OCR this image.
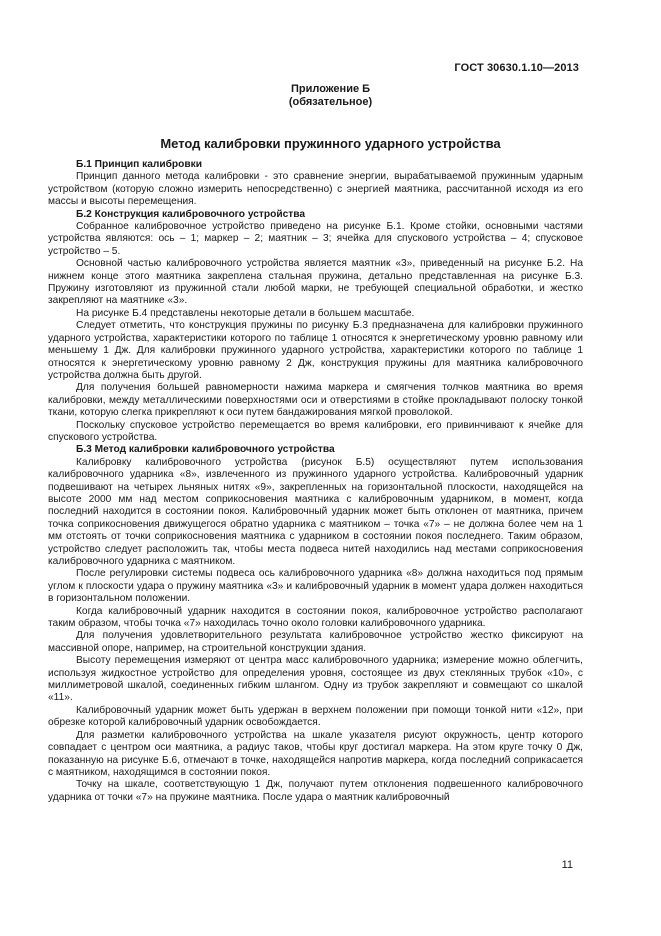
ГОСТ 30630.1.10—2013
Приложение Б
(обязательное)
Метод калибровки пружинного ударного устройства

Б.1 Принцип калибровки

Принцип данного метода калибровки - это сравнение энергии, вырабатываемой пружинным ударным устройством (которую сложно измерить непосредственно) с энергией маятника, рассчитанной исходя из его массы и высоты перемещения.

Б.2 Конструкция калибровочного устройства

Собранное калибровочное устройство приведено на рисунке Б.1. Кроме стойки, основными частями устройства являются: ось – 1; маркер – 2; маятник – 3; ячейка для спускового устройства – 4; спусковое устройство – 5.

Основной частью калибровочного устройства является маятник «3», приведенный на рисунке Б.2. На нижнем конце этого маятника закреплена стальная пружина, детально представленная на рисунке Б.3. Пружину изготовляют из пружинной стали любой марки, не требующей специальной обработки, и жестко закрепляют на маятнике «3».

На рисунке Б.4 представлены некоторые детали в большем масштабе.

Следует отметить, что конструкция пружины по рисунку Б.3 предназначена для калибровки пружинного ударного устройства, характеристики которого по таблице 1 относятся к энергетическому уровню равному или меньшему 1 Дж. Для калибровки пружинного ударного устройства, характеристики которого по таблице 1 относятся к энергетическому уровню равному 2 Дж, конструкция пружины для маятника калибровочного устройства должна быть другой.

Для получения большей равномерности нажима маркера и смягчения толчков маятника во время калибровки, между металлическими поверхностями оси и отверстиями в стойке прокладывают полоску тонкой ткани, которую слегка прикрепляют к оси путем бандажирования мягкой проволокой.

Поскольку спусковое устройство перемещается во время калибровки, его привинчивают к ячейке для спускового устройства.

Б.3 Метод калибровки калибровочного устройства

Калибровку калибровочного устройства (рисунок Б.5) осуществляют путем использования калибровочного ударника «8», извлеченного из пружинного ударного устройства. Калибровочный ударник подвешивают на четырех льняных нитях «9», закрепленных на горизонтальной плоскости, находящейся на высоте 2000 мм над местом соприкосновения маятника с калибровочным ударником, в момент, когда последний находится в состоянии покоя. Калибровочный ударник может быть отклонен от маятника, причем точка соприкосновения движущегося обратно ударника с маятником – точка «7» – не должна более чем на 1 мм отстоять от точки соприкосновения маятника с ударником в состоянии покоя последнего. Таким образом, устройство следует расположить так, чтобы места подвеса нитей находились над местами соприкосновения калибровочного ударника с маятником.

После регулировки системы подвеса ось калибровочного ударника «8» должна находиться под прямым углом к плоскости удара о пружину маятника «3» и калибровочный ударник в момент удара должен находиться в горизонтальном положении.

Когда калибровочный ударник находится в состоянии покоя, калибровочное устройство располагают таким образом, чтобы точка «7» находилась точно около головки калибровочного ударника.

Для получения удовлетворительного результата калибровочное устройство жестко фиксируют на массивной опоре, например, на строительной конструкции здания.

Высоту перемещения измеряют от центра масс калибровочного ударника; измерение можно облегчить, используя жидкостное устройство для определения уровня, состоящее из двух стеклянных трубок «10», с миллиметровой шкалой, соединенных гибким шлангом. Одну из трубок закрепляют и совмещают со шкалой «11».

Калибровочный ударник может быть удержан в верхнем положении при помощи тонкой нити «12», при обрезке которой калибровочный ударник освобождается.

Для разметки калибровочного устройства на шкале указателя рисуют окружность, центр которого совпадает с центром оси маятника, а радиус таков, чтобы круг достигал маркера. На этом круге точку 0 Дж, показанную на рисунке Б.6, отмечают в точке, находящейся напротив маркера, когда последний соприкасается с маятником, находящимся в состоянии покоя.

Точку на шкале, соответствующую 1 Дж, получают путем отклонения подвешенного калибровочного ударника от точки «7» на пружине маятника. После удара о маятник калибровочный

11
